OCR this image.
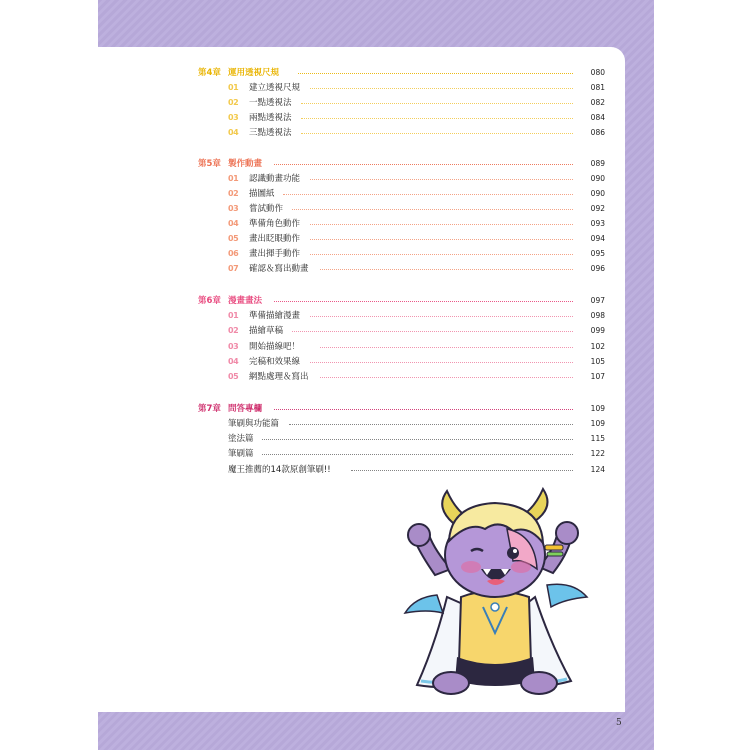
第4章 運用透視尺規	080
01 建立透視尺規	081
02 一點透視法	082
03 兩點透視法	084
04 三點透視法	086
第5章 製作動畫	089
01 認識動畫功能	090
02 描圖紙	090
03 嘗試動作	092
04 準備角色動作	093
05 畫出眨眼動作	094
06 畫出揮手動作	095
07 確認＆寫出動畫	096
第6章 漫畫畫法	097
01 準備描繪漫畫	098
02 描繪草稿	099
03 開始描線吧！	102
04 完稿和效果線	105
05 網點處理＆寫出	107
第7章 問答專欄	109
筆刷與功能篇	109
塗法篇	115
筆刷篇	122
魔王推薦的14款原創筆刷!!	124
5
